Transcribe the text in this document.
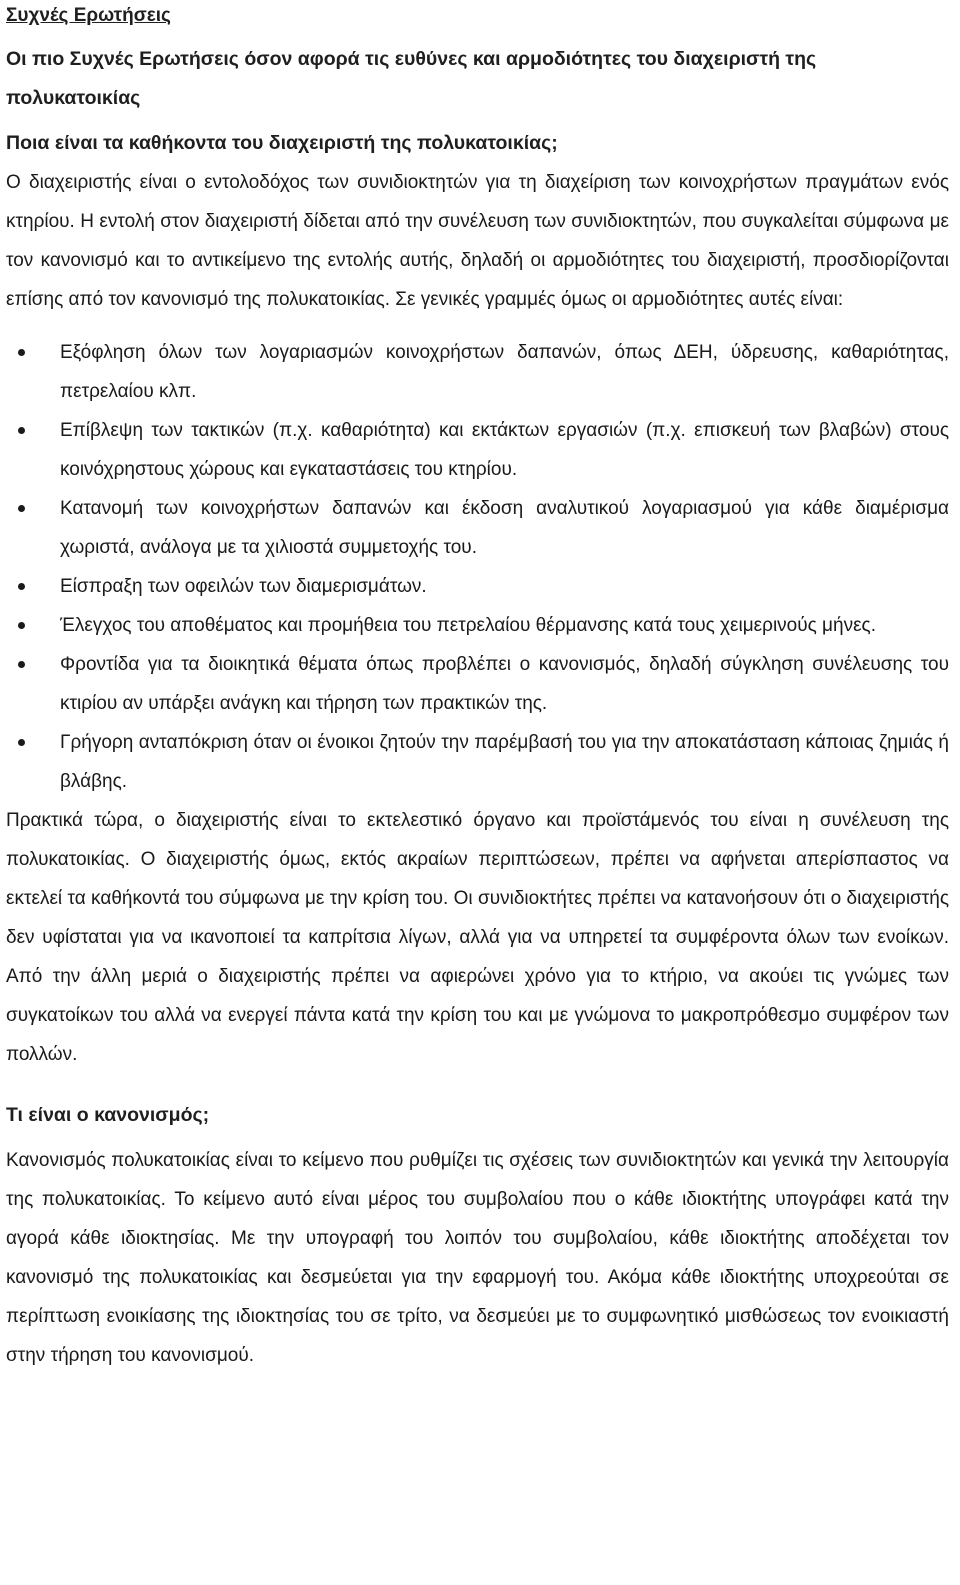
Συχνές Ερωτήσεις
Οι πιο Συχνές Ερωτήσεις όσον αφορά τις ευθύνες και αρμοδιότητες του διαχειριστή της πολυκατοικίας
Ποια είναι τα καθήκοντα του διαχειριστή της πολυκατοικίας;

Ο διαχειριστής είναι ο εντολοδόχος των συνιδιοκτητών για τη διαχείριση των κοινοχρήστων πραγμάτων ενός κτηρίου. Η εντολή στον διαχειριστή δίδεται από την συνέλευση των συνιδιοκτητών, που συγκαλείται σύμφωνα με τον κανονισμό και το αντικείμενο της εντολής αυτής, δηλαδή οι αρμοδιότητες του διαχειριστή, προσδιορίζονται επίσης από τον κανονισμό της πολυκατοικίας. Σε γενικές γραμμές όμως οι αρμοδιότητες αυτές είναι:

Εξόφληση όλων των λογαριασμών κοινοχρήστων δαπανών, όπως ΔΕΗ, ύδρευσης, καθαριότητας, πετρελαίου κλπ.
Επίβλεψη των τακτικών (π.χ. καθαριότητα) και εκτάκτων εργασιών (π.χ. επισκευή των βλαβών) στους κοινόχρηστους χώρους και εγκαταστάσεις του κτηρίου.
Κατανομή των κοινοχρήστων δαπανών και έκδοση αναλυτικού λογαριασμού για κάθε διαμέρισμα χωριστά, ανάλογα με τα χιλιοστά συμμετοχής του.
Είσπραξη των οφειλών των διαμερισμάτων.
Έλεγχος του αποθέματος και προμήθεια του πετρελαίου θέρμανσης κατά τους χειμερινούς μήνες.
Φροντίδα για τα διοικητικά θέματα όπως προβλέπει ο κανονισμός, δηλαδή σύγκληση συνέλευσης του κτιρίου αν υπάρξει ανάγκη και τήρηση των πρακτικών της.
Γρήγορη ανταπόκριση όταν οι ένοικοι ζητούν την παρέμβασή του για την αποκατάσταση κάποιας ζημιάς ή βλάβης.

Πρακτικά τώρα, ο διαχειριστής είναι το εκτελεστικό όργανο και προϊστάμενός του είναι η συνέλευση της πολυκατοικίας. Ο διαχειριστής όμως, εκτός ακραίων περιπτώσεων, πρέπει να αφήνεται απερίσπαστος να εκτελεί τα καθήκοντά του σύμφωνα με την κρίση του. Οι συνιδιοκτήτες πρέπει να κατανοήσουν ότι ο διαχειριστής δεν υφίσταται για να ικανοποιεί τα καπρίτσια λίγων, αλλά για να υπηρετεί τα συμφέροντα όλων των ενοίκων. Από την άλλη μεριά ο διαχειριστής πρέπει να αφιερώνει χρόνο για το κτήριο, να ακούει τις γνώμες των συγκατοίκων του αλλά να ενεργεί πάντα κατά την κρίση του και με γνώμονα το μακροπρόθεσμο συμφέρον των πολλών.

Τι είναι ο κανονισμός;

Κανονισμός πολυκατοικίας είναι το κείμενο που ρυθμίζει τις σχέσεις των συνιδιοκτητών και γενικά την λειτουργία της πολυκατοικίας. Το κείμενο αυτό είναι μέρος του συμβολαίου που ο κάθε ιδιοκτήτης υπογράφει κατά την αγορά κάθε ιδιοκτησίας. Με την υπογραφή του λοιπόν του συμβολαίου, κάθε ιδιοκτήτης αποδέχεται τον κανονισμό της πολυκατοικίας και δεσμεύεται για την εφαρμογή του. Ακόμα κάθε ιδιοκτήτης υποχρεούται σε περίπτωση ενοικίασης της ιδιοκτησίας του σε τρίτο, να δεσμεύει με το συμφωνητικό μισθώσεως τον ενοικιαστή στην τήρηση του κανονισμού.
